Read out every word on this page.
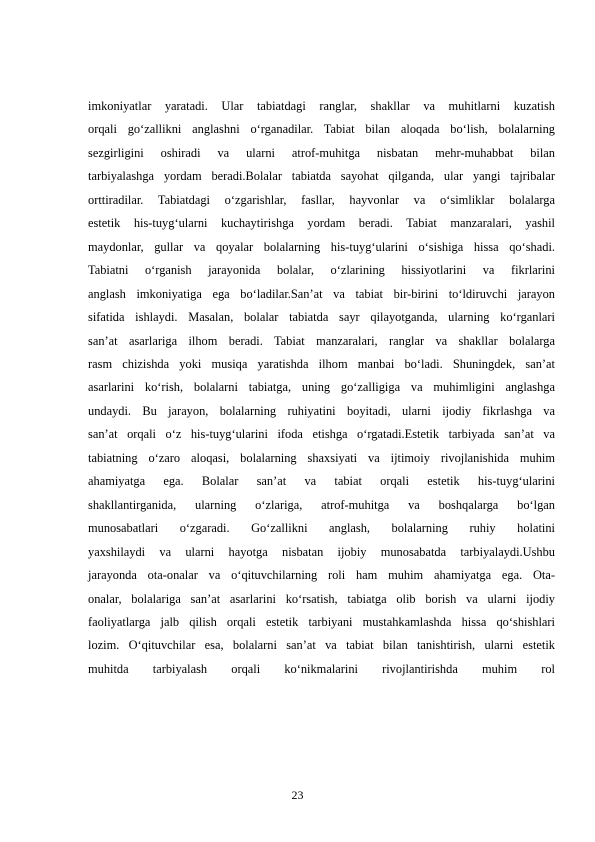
imkoniyatlar yaratadi. Ular tabiatdagi ranglar, shakllar va muhitlarni kuzatish
orqali go‘zallikni anglashni o‘rganadilar. Tabiat bilan aloqada bo‘lish, bolalarning
sezgirligini oshiradi va ularni atrof-muhitga nisbatan mehr-muhabbat bilan
tarbiyalashga yordam beradi.Bolalar tabiatda sayohat qilganda, ular yangi tajribalar
orttiradilar. Tabiatdagi o‘zgarishlar, fasllar, hayvonlar va o‘simliklar bolalarga
estetik his-tuyg‘ularni kuchaytirishga yordam beradi. Tabiat manzaralari, yashil
maydonlar, gullar va qoyalar bolalarning his-tuyg‘ularini o‘sishiga hissa qo‘shadi.
Tabiatni o‘rganish jarayonida bolalar, o‘zlarining hissiyotlarini va fikrlarini
anglash imkoniyatiga ega bo‘ladilar.San’at va tabiat bir-birini to‘ldiruvchi jarayon
sifatida ishlaydi. Masalan, bolalar tabiatda sayr qilayotganda, ularning ko‘rganlari
san’at asarlariga ilhom beradi. Tabiat manzaralari, ranglar va shakllar bolalarga
rasm chizishda yoki musiqa yaratishda ilhom manbai bo‘ladi. Shuningdek, san’at
asarlarini ko‘rish, bolalarni tabiatga, uning go‘zalligiga va muhimligini anglashga
undaydi. Bu jarayon, bolalarning ruhiyatini boyitadi, ularni ijodiy fikrlashga va
san’at orqali o‘z his-tuyg‘ularini ifoda etishga o‘rgatadi.Estetik tarbiyada san’at va
tabiatning o‘zaro aloqasi, bolalarning shaxsiyati va ijtimoiy rivojlanishida muhim
ahamiyatga ega. Bolalar san’at va tabiat orqali estetik his-tuyg‘ularini
shakllantirganida, ularning o‘zlariga, atrof-muhitga va boshqalarga bo‘lgan
munosabatlari o‘zgaradi. Go‘zallikni anglash, bolalarning ruhiy holatini
yaxshilaydi va ularni hayotga nisbatan ijobiy munosabatda tarbiyalaydi.Ushbu
jarayonda ota-onalar va o‘qituvchilarning roli ham muhim ahamiyatga ega. Ota-
onalar, bolalariga san’at asarlarini ko‘rsatish, tabiatga olib borish va ularni ijodiy
faoliyatlarga jalb qilish orqali estetik tarbiyani mustahkamlashda hissa qo‘shishlari
lozim. O‘qituvchilar esa, bolalarni san’at va tabiat bilan tanishtirish, ularni estetik
muhitda tarbiyalash orqali ko‘nikmalarini rivojlantirishda muhim rol
23
